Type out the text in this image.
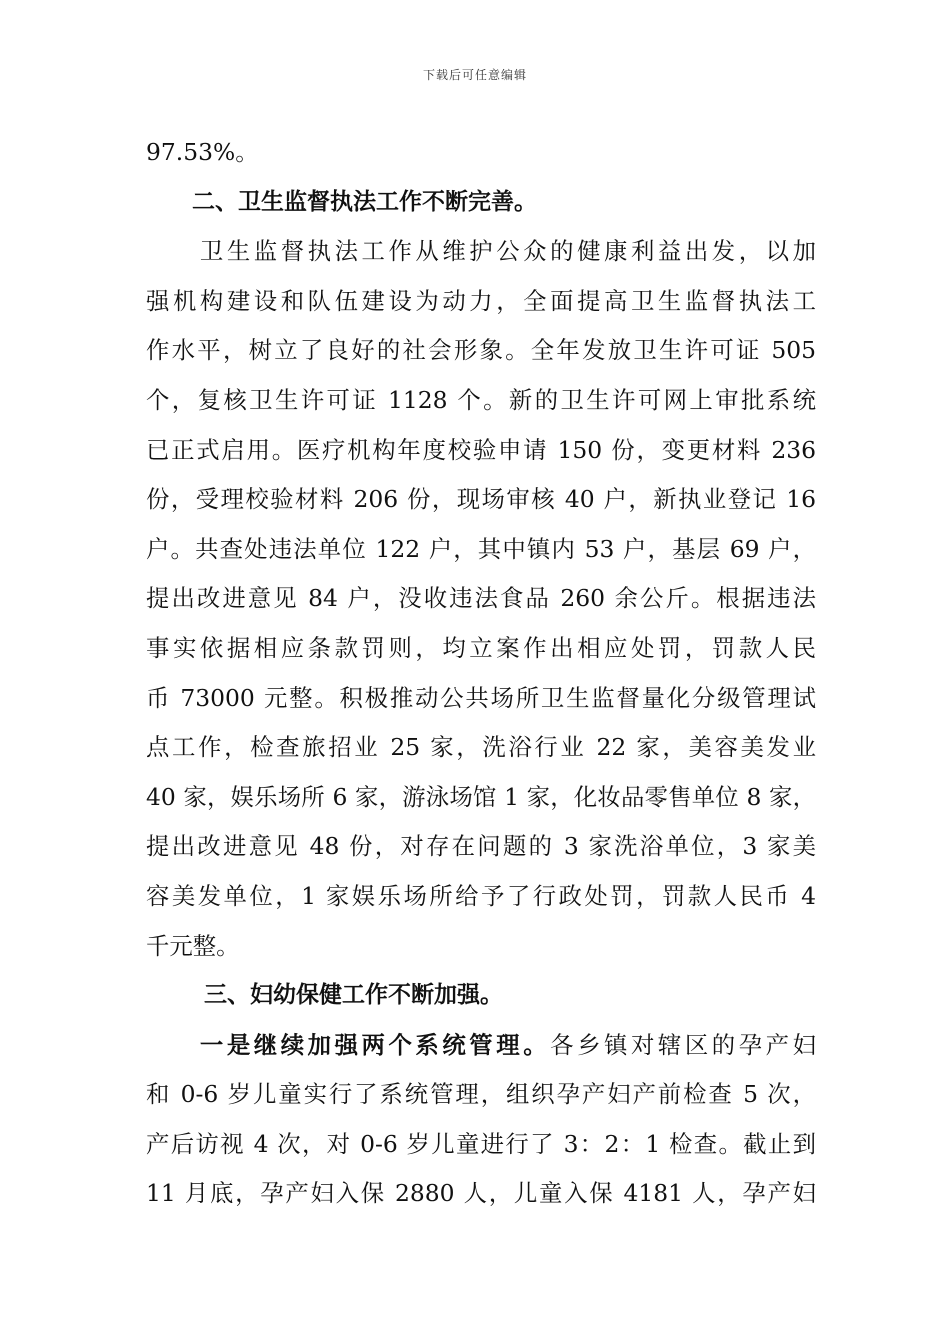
下载后可任意编辑
97.53%。
二、卫生监督执法工作不断完善。
　　卫生监督执法工作从维护公众的健康利益出发，以加
强机构建设和队伍建设为动力，全面提高卫生监督执法工
作水平，树立了良好的社会形象。全年发放卫生许可证 505
个，复核卫生许可证 1128 个。新的卫生许可网上审批系统
已正式启用。医疗机构年度校验申请 150 份，变更材料 236
份，受理校验材料 206 份，现场审核 40 户，新执业登记 16
户。共查处违法单位 122 户，其中镇内 53 户，基层 69 户，
提出改进意见 84 户，没收违法食品 260 余公斤。根据违法
事实依据相应条款罚则，均立案作出相应处罚，罚款人民
币 73000 元整。积极推动公共场所卫生监督量化分级管理试
点工作，检查旅招业 25 家，洗浴行业 22 家，美容美发业
40 家，娱乐场所 6 家，游泳场馆 1 家，化妆品零售单位 8 家，
提出改进意见 48 份，对存在问题的 3 家洗浴单位，3 家美
容美发单位，1 家娱乐场所给予了行政处罚，罚款人民币 4
千元整。
三、妇幼保健工作不断加强。
　　一是继续加强两个系统管理。各乡镇对辖区的孕产妇
和 0-6 岁儿童实行了系统管理，组织孕产妇产前检查 5 次，
产后访视 4 次，对 0-6 岁儿童进行了 3：2：1 检查。截止到
11 月底，孕产妇入保 2880 人，儿童入保 4181 人，孕产妇
